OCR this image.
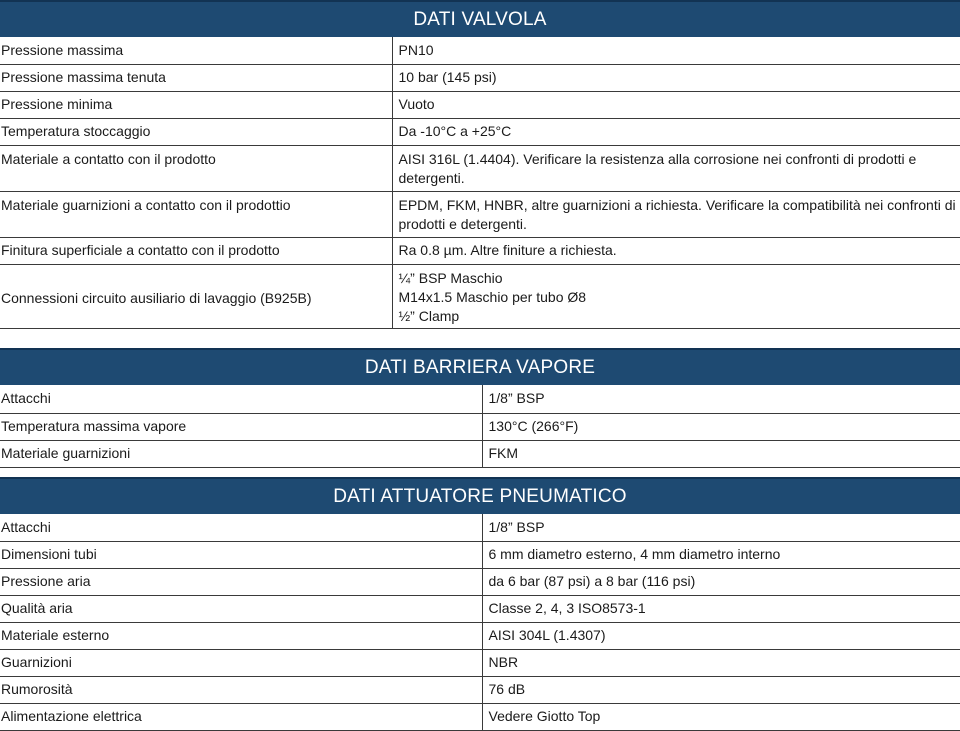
DATI VALVOLA
Pressione massima	PN10
Pressione massima tenuta	10 bar (145 psi)
Pressione minima	Vuoto
Temperatura stoccaggio	Da -10°C a +25°C
Materiale a contatto con il prodotto	AISI 316L (1.4404). Verificare la resistenza alla corrosione nei confronti di prodotti e detergenti.
Materiale guarnizioni a contatto con il prodottio	EPDM, FKM, HNBR, altre guarnizioni a richiesta. Verificare la compatibilità nei confronti di prodotti e detergenti.
Finitura superficiale a contatto con il prodotto	Ra 0.8 µm. Altre finiture a richiesta.
Connessioni circuito ausiliario di lavaggio (B925B)	¼” BSP Maschio
M14x1.5 Maschio per tubo Ø8
½” Clamp
DATI BARRIERA VAPORE
Attacchi	1/8” BSP
Temperatura massima vapore	130°C (266°F)
Materiale guarnizioni	FKM
DATI ATTUATORE PNEUMATICO
Attacchi	1/8” BSP
Dimensioni tubi	6 mm diametro esterno, 4 mm diametro interno
Pressione aria	da 6 bar (87 psi) a 8 bar (116 psi)
Qualità aria	Classe 2, 4, 3 ISO8573-1
Materiale esterno	AISI 304L (1.4307)
Guarnizioni	NBR
Rumorosità	76 dB
Alimentazione elettrica	Vedere Giotto Top
